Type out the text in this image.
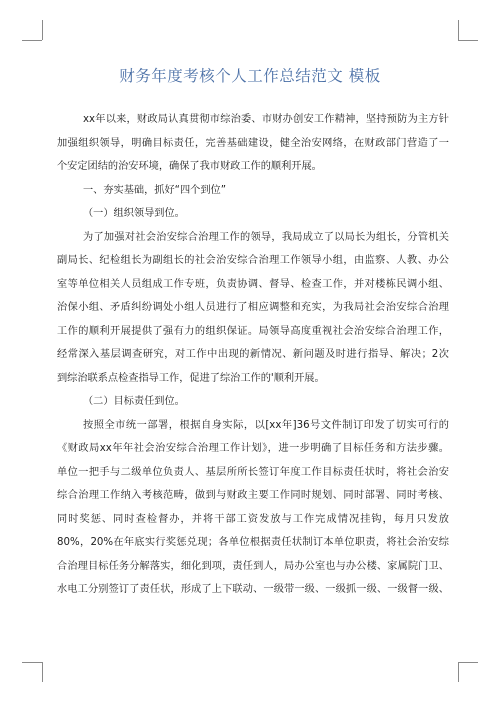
财务年度考核个人工作总结范文 模板
xx年以来，财政局认真贯彻市综治委、市财办创安工作精神，坚持预防为主方针
加强组织领导，明确目标责任，完善基础建设，健全治安网络，在财政部门营造了一
个安定团结的治安环境，确保了我市财政工作的顺利开展。
一、夯实基础，抓好“四个到位”
（一）组织领导到位。
为了加强对社会治安综合治理工作的领导，我局成立了以局长为组长，分管机关
副局长、纪检组长为副组长的社会治安综合治理工作领导小组，由监察、人教、办公
室等单位相关人员组成工作专班，负责协调、督导、检查工作，并对楼栋民调小组、
治保小组、矛盾纠纷调处小组人员进行了相应调整和充实，为我局社会治安综合治理
工作的顺利开展提供了强有力的组织保证。局领导高度重视社会治安综合治理工作，
经常深入基层调查研究，对工作中出现的新情况、新问题及时进行指导、解决；2次
到综治联系点检查指导工作，促进了综治工作的'顺利开展。
（二）目标责任到位。
按照全市统一部署，根据自身实际，以[xx年]36号文件制订印发了切实可行的
《财政局xx年年社会治安综合治理工作计划》，进一步明确了目标任务和方法步骤。
单位一把手与二级单位负责人、基层所所长签订年度工作目标责任状时，将社会治安
综合治理工作纳入考核范畴，做到与财政主要工作同时规划、同时部署、同时考核、
同时奖惩、同时查检督办，并将干部工资发放与工作完成情况挂钩，每月只发放
80%，20%在年底实行奖惩兑现；各单位根据责任状制订本单位职责，将社会治安综
合治理目标任务分解落实，细化到项，责任到人，局办公室也与办公楼、家属院门卫、
水电工分别签订了责任状，形成了上下联动、一级带一级、一级抓一级、一级督一级、
